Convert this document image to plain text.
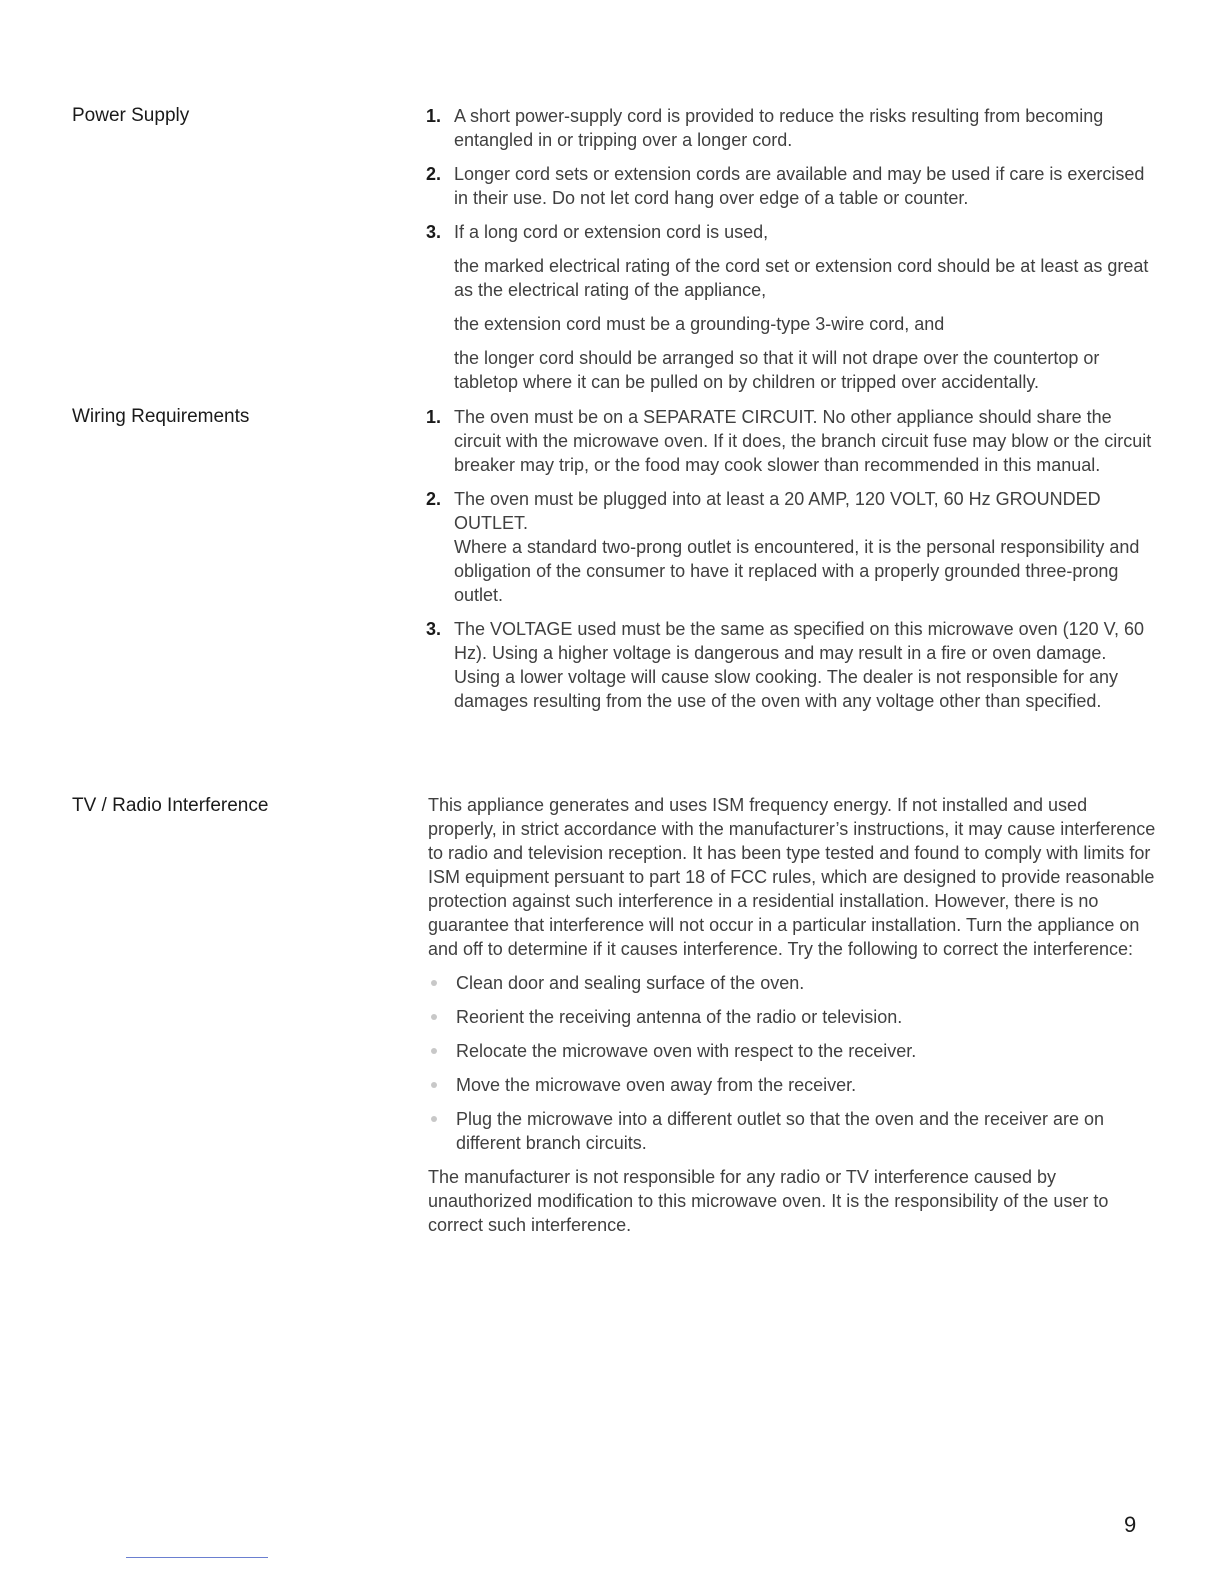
Power Supply	1. A short power-supply cord is provided to reduce the risks resulting from becoming entangled in or tripping over a longer cord.
2. Longer cord sets or extension cords are available and may be used if care is exercised in their use. Do not let cord hang over edge of a table or counter.
3. If a long cord or extension cord is used,
the marked electrical rating of the cord set or extension cord should be at least as great as the electrical rating of the appliance,
the extension cord must be a grounding-type 3-wire cord, and
the longer cord should be arranged so that it will not drape over the countertop or tabletop where it can be pulled on by children or tripped over accidentally.
Wiring Requirements	1. The oven must be on a SEPARATE CIRCUIT. No other appliance should share the circuit with the microwave oven. If it does, the branch circuit fuse may blow or the circuit breaker may trip, or the food may cook slower than recommended in this manual.
2. The oven must be plugged into at least a 20 AMP, 120 VOLT, 60 Hz GROUNDED OUTLET.
Where a standard two-prong outlet is encountered, it is the personal responsibility and obligation of the consumer to have it replaced with a properly grounded three-prong outlet.
3. The VOLTAGE used must be the same as specified on this microwave oven (120 V, 60 Hz). Using a higher voltage is dangerous and may result in a fire or oven damage. Using a lower voltage will cause slow cooking. The dealer is not responsible for any damages resulting from the use of the oven with any voltage other than specified.
TV / Radio Interference	This appliance generates and uses ISM frequency energy. If not installed and used properly, in strict accordance with the manufacturer’s instructions, it may cause interference to radio and television reception. It has been type tested and found to comply with limits for ISM equipment persuant to part 18 of FCC rules, which are designed to provide reasonable protection against such interference in a residential installation. However, there is no guarantee that interference will not occur in a particular installation. Turn the appliance on and off to determine if it causes interference. Try the following to correct the interference:
Clean door and sealing surface of the oven.
Reorient the receiving antenna of the radio or television.
Relocate the microwave oven with respect to the receiver.
Move the microwave oven away from the receiver.
Plug the microwave into a different outlet so that the oven and the receiver are on different branch circuits.
The manufacturer is not responsible for any radio or TV interference caused by unauthorized modification to this microwave oven. It is the responsibility of the user to correct such interference.
9
